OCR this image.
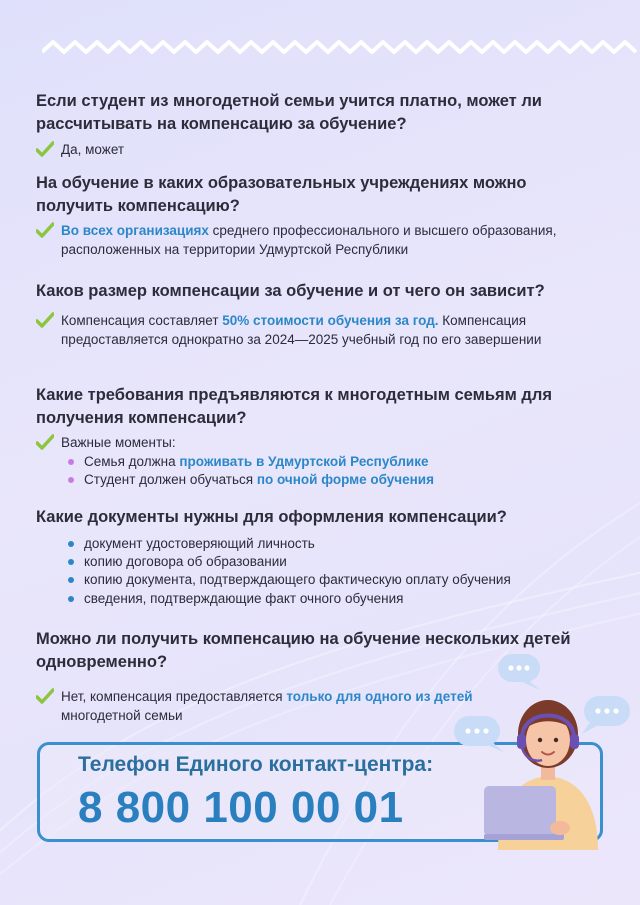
Если студент из многодетной семьи учится платно, может ли рассчитывать на компенсацию за обучение?
Да, может
На обучение в каких образовательных учреждениях можно получить компенсацию?
Во всех организациях среднего профессионального и высшего образования, расположенных на территории Удмуртской Республики
Каков размер компенсации за обучение и от чего он зависит?
Компенсация составляет 50% стоимости обучения за год. Компенсация предоставляется однократно за 2024—2025 учебный год по его завершении
Какие требования предъявляются к многодетным семьям для получения компенсации?
Важные моменты:
Семья должна проживать в Удмуртской Республике
Студент должен обучаться по очной форме обучения
Какие документы нужны для оформления компенсации?
документ удостоверяющий личность
копию договора об образовании
копию документа, подтверждающего фактическую оплату обучения
сведения, подтверждающие факт очного обучения
Можно ли получить компенсацию на обучение нескольких детей одновременно?
Нет, компенсация предоставляется только для одного из детей многодетной семьи
Телефон Единого контакт-центра:
8 800 100 00 01
